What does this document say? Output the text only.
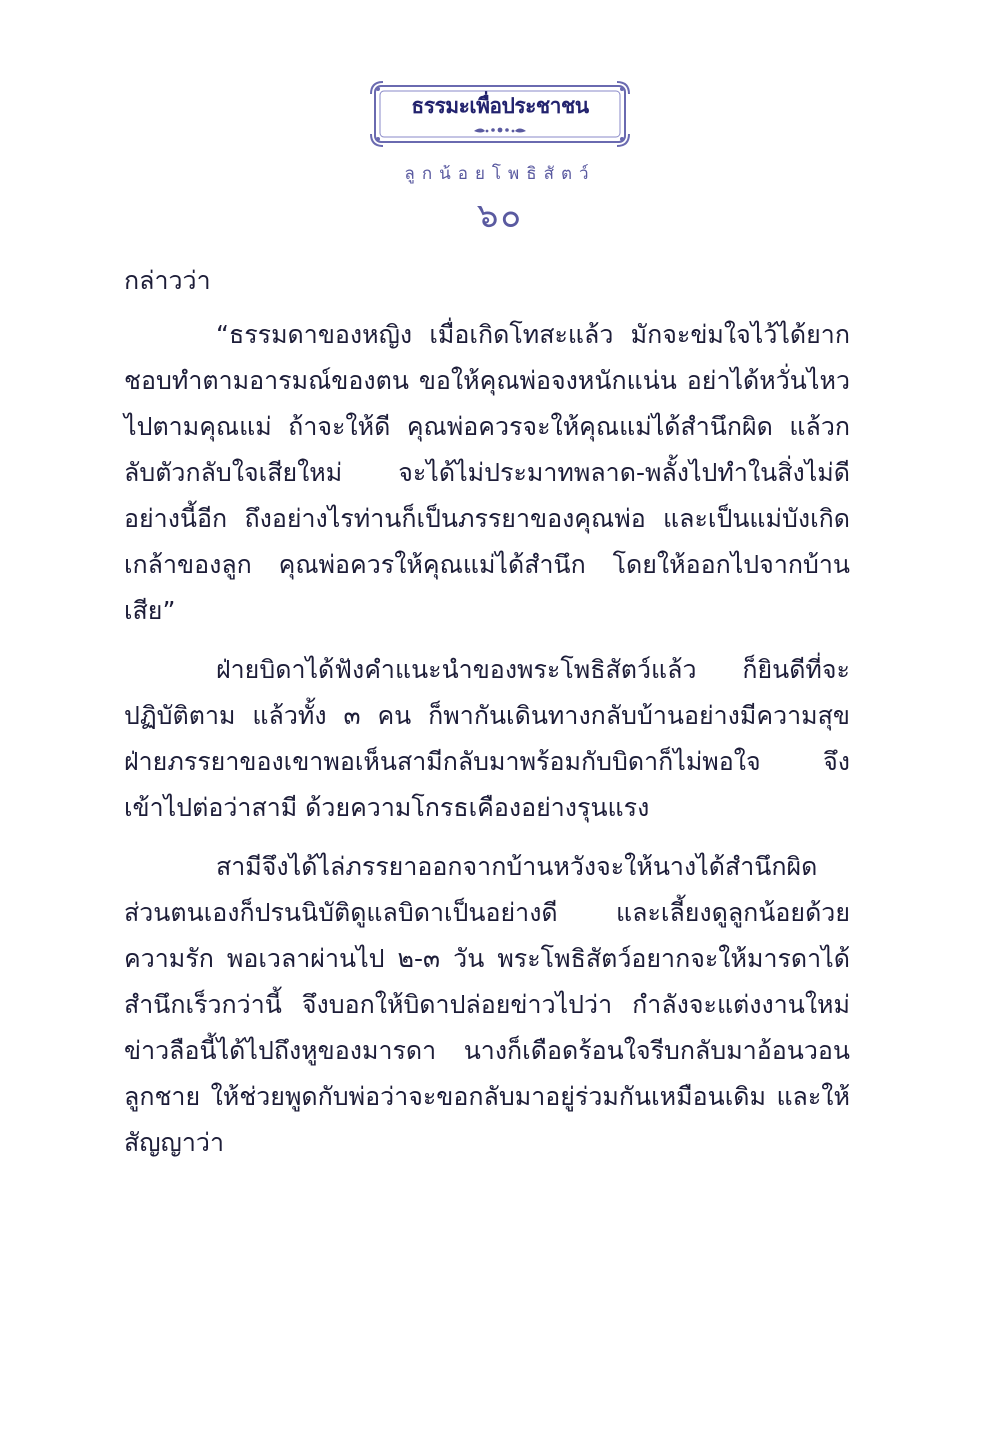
ธรรมะเพื่อประชาชน
ลูกน้อยโพธิสัตว์
๖๐

กล่าวว่า

“ธรรมดาของหญิง เมื่อเกิดโทสะแล้ว มักจะข่มใจไว้ได้ยาก ชอบทำตามอารมณ์ของตน ขอให้คุณพ่อจงหนักแน่น อย่าได้หวั่นไหวไปตามคุณแม่ ถ้าจะให้ดี คุณพ่อควรจะให้คุณแม่ได้สำนึกผิด แล้วกลับตัวกลับใจเสียใหม่ จะได้ไม่ประมาทพลาด-พลั้งไปทำในสิ่งไม่ดีอย่างนี้อีก ถึงอย่างไรท่านก็เป็นภรรยาของคุณพ่อ และเป็นแม่บังเกิดเกล้าของลูก คุณพ่อควรให้คุณแม่ได้สำนึก โดยให้ออกไปจากบ้านเสีย”

ฝ่ายบิดาได้ฟังคำแนะนำของพระโพธิสัตว์แล้ว ก็ยินดีที่จะปฏิบัติตาม แล้วทั้ง ๓ คน ก็พากันเดินทางกลับบ้านอย่างมีความสุข ฝ่ายภรรยาของเขาพอเห็นสามีกลับมาพร้อมกับบิดาก็ไม่พอใจ จึงเข้าไปต่อว่าสามี ด้วยความโกรธเคืองอย่างรุนแรง

สามีจึงได้ไล่ภรรยาออกจากบ้านหวังจะให้นางได้สำนึกผิด ส่วนตนเองก็ปรนนิบัติดูแลบิดาเป็นอย่างดี และเลี้ยงดูลูกน้อยด้วยความรัก พอเวลาผ่านไป ๒-๓ วัน พระโพธิสัตว์อยากจะให้มารดาได้สำนึกเร็วกว่านี้ จึงบอกให้บิดาปล่อยข่าวไปว่า กำลังจะแต่งงานใหม่ ข่าวลือนี้ได้ไปถึงหูของมารดา นางก็เดือดร้อนใจรีบกลับมาอ้อนวอนลูกชาย ให้ช่วยพูดกับพ่อว่าจะขอกลับมาอยู่ร่วมกันเหมือนเดิม และให้สัญญาว่า
